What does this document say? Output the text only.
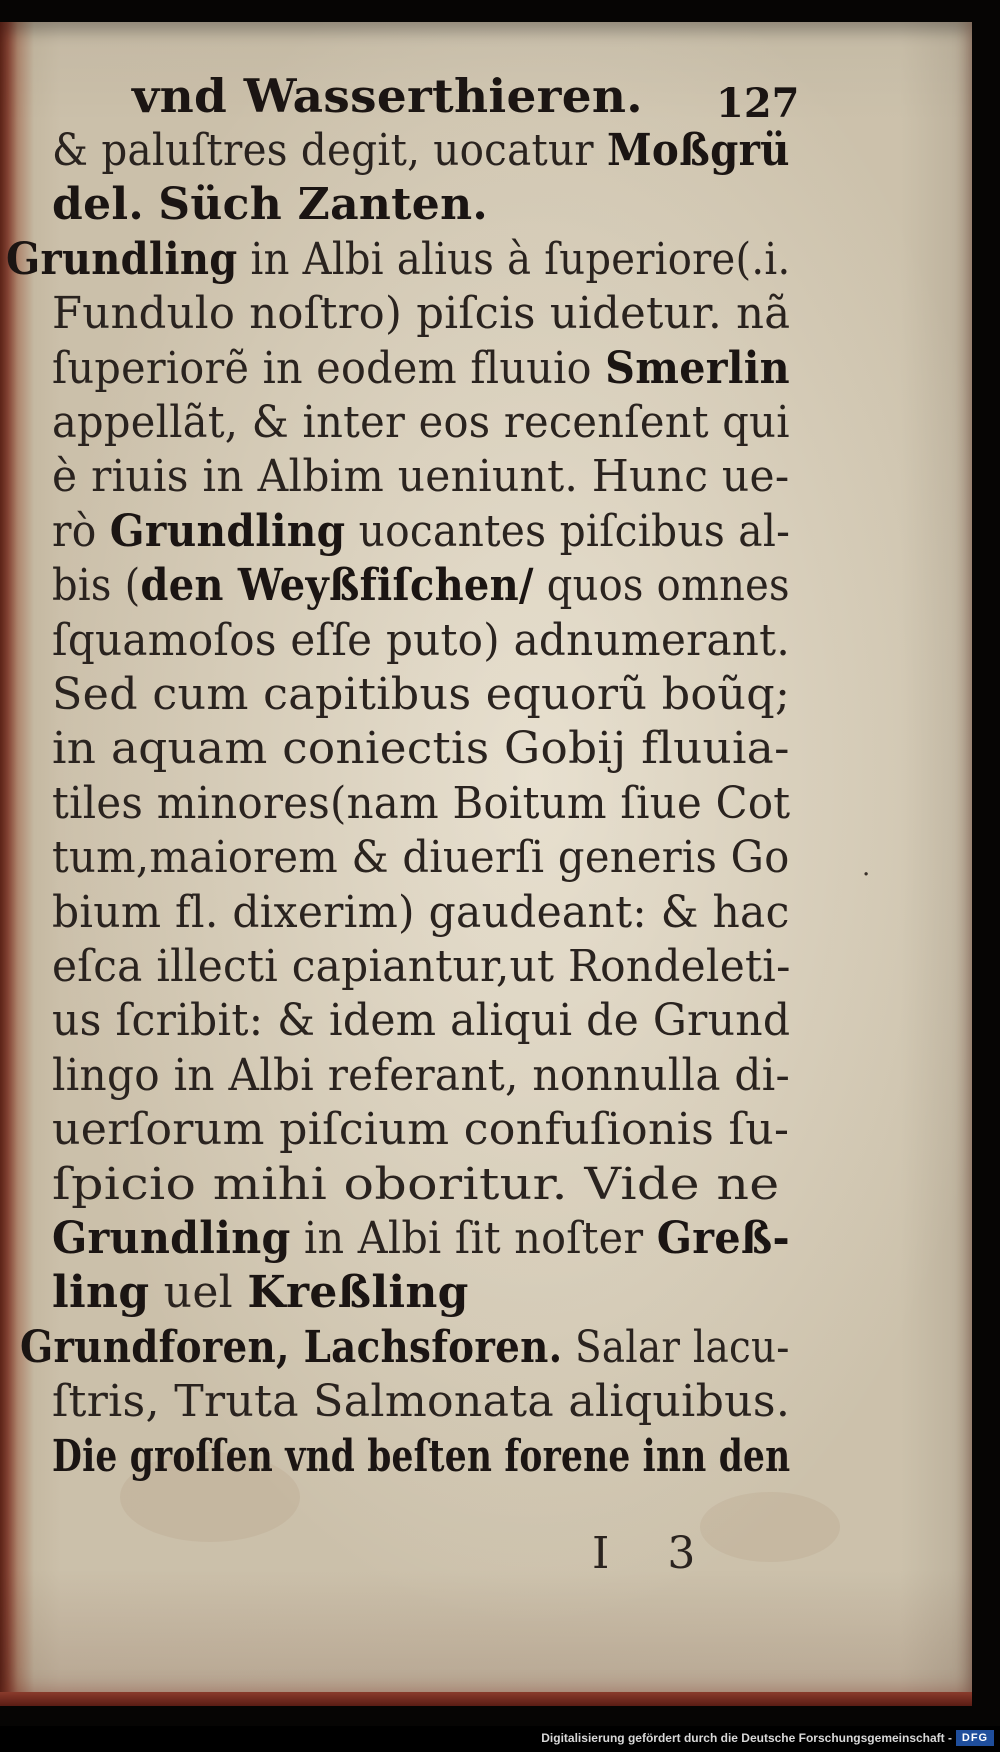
vnd Wasserthieren. 127
& paluſtres degit, uocatur Moßgrü
del. Süch Zanten.
Grundling in Albi alius à ſuperiore(.i.
Fundulo noſtro) piſcis uidetur. nã
ſuperiorẽ in eodem fluuio Smerlin
appellãt, & inter eos recenſent qui
è riuis in Albim ueniunt. Hunc ue-
rò Grundling uocantes piſcibus al-
bis (den Weyßfiſchen/ quos omnes
ſquamoſos eſſe puto) adnumerant.
Sed cum capitibus equorũ boũq;
in aquam coniectis Gobij fluuia-
tiles minores(nam Boitum ſiue Cot
tum,maiorem & diuerſi generis Go
bium fl. dixerim) gaudeant: & hac
eſca illecti capiantur,ut Rondeleti-
us ſcribit: & idem aliqui de Grund
lingo in Albi referant, nonnulla di-
uerſorum piſcium confuſionis ſu-
ſpicio mihi oboritur. Vide ne
Grundling in Albi ſit noſter Greß-
ling uel Kreßling
Grundforen, Lachsforen. Salar lacu-
ſtris, Truta Salmonata aliquibus.
Die groſſen vnd beſten forene inn den
·
I 3
Digitalisierung gefördert durch die Deutsche Forschungsgemeinschaft - DFG
